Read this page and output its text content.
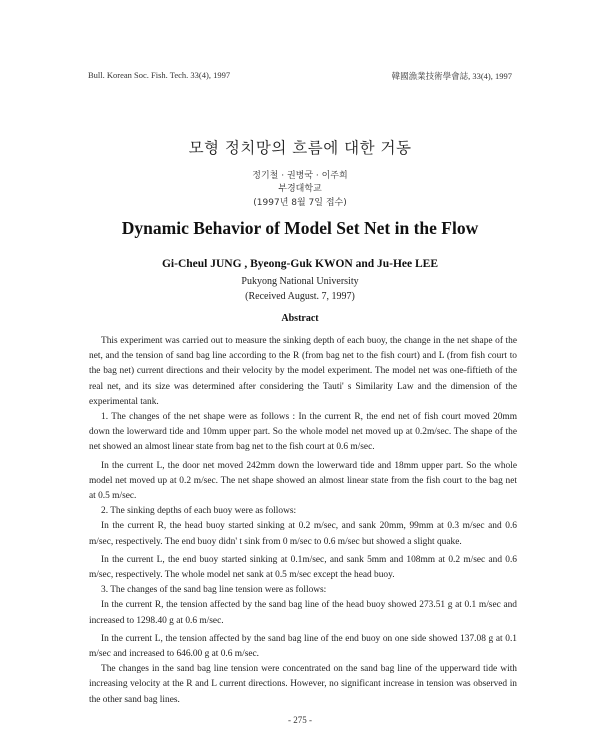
Bull. Korean Soc. Fish. Tech. 33(4), 1997	韓國漁業技術學會誌, 33(4), 1997
모형 정치망의 흐름에 대한 거동
정기철 · 권병국 · 이주희
부경대학교
(1997년 8월 7일 접수)
Dynamic Behavior of Model Set Net in the Flow
Gi-Cheul JUNG , Byeong-Guk KWON and Ju-Hee LEE
Pukyong National University
(Received August. 7, 1997)
Abstract

This experiment was carried out to measure the sinking depth of each buoy, the change in the net shape of the net, and the tension of sand bag line according to the R (from bag net to the fish court) and L (from fish court to the bag net) current directions and their velocity by the model experiment. The model net was one-fiftieth of the real net, and its size was determined after considering the Tauti' s Similarity Law and the dimension of the experimental tank.

1. The changes of the net shape were as follows : In the current R, the end net of fish court moved 20mm down the lowerward tide and 10mm upper part. So the whole model net moved up at 0.2m/sec. The shape of the net showed an almost linear state from bag net to the fish court at 0.6 m/sec.

In the current L, the door net moved 242mm down the lowerward tide and 18mm upper part. So the whole model net moved up at 0.2 m/sec. The net shape showed an almost linear state from the fish court to the bag net at 0.5 m/sec.

2. The sinking depths of each buoy were as follows:

In the current R, the head buoy started sinking at 0.2 m/sec, and sank 20mm, 99mm at 0.3 m/sec and 0.6 m/sec, respectively. The end buoy didn' t sink from 0 m/sec to 0.6 m/sec but showed a slight quake.

In the current L, the end buoy started sinking at 0.1m/sec, and sank 5mm and 108mm at 0.2 m/sec and 0.6 m/sec, respectively. The whole model net sank at 0.5 m/sec except the head buoy.

3. The changes of the sand bag line tension were as follows:

In the current R, the tension affected by the sand bag line of the head buoy showed 273.51 g at 0.1 m/sec and increased to 1298.40 g at 0.6 m/sec.

In the current L, the tension affected by the sand bag line of the end buoy on one side showed 137.08 g at 0.1 m/sec and increased to 646.00 g at 0.6 m/sec.

The changes in the sand bag line tension were concentrated on the sand bag line of the upperward tide with increasing velocity at the R and L current directions. However, no significant increase in tension was observed in the other sand bag lines.

- 275 -
